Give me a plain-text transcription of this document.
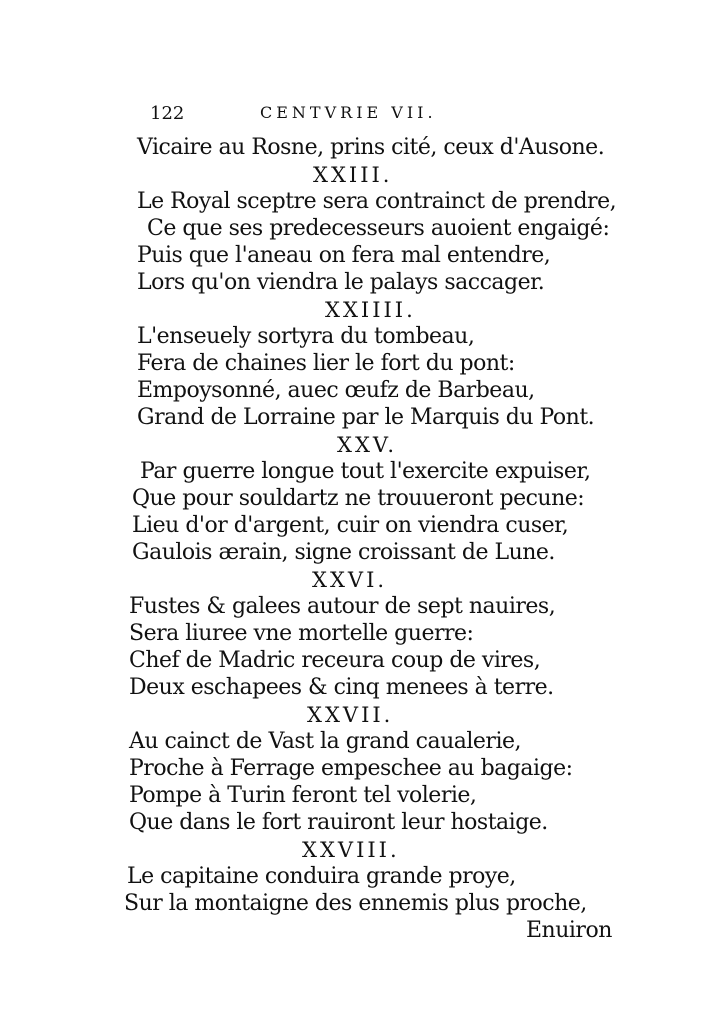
122	CENTVRIE VII.
Vicaire au Rosne, prins cité, ceux d'Ausone.
XXIII.
Le Royal sceptre sera contrainct de prendre,
Ce que ses predecesseurs auoient engaigé:
Puis que l'aneau on fera mal entendre,
Lors qu'on viendra le palays saccager.
XXIIII.
L'enseuely sortyra du tombeau,
Fera de chaines lier le fort du pont:
Empoysonné, auec œufz de Barbeau,
Grand de Lorraine par le Marquis du Pont.
XXV.
Par guerre longue tout l'exercite expuiser,
Que pour souldartz ne trouueront pecune:
Lieu d'or d'argent, cuir on viendra cuser,
Gaulois ærain, signe croissant de Lune.
XXVI.
Fustes & galees autour de sept nauires,
Sera liuree vne mortelle guerre:
Chef de Madric receura coup de vires,
Deux eschapees & cinq menees à terre.
XXVII.
Au cainct de Vast la grand caualerie,
Proche à Ferrage empeschee au bagaige:
Pompe à Turin feront tel volerie,
Que dans le fort rauiront leur hostaige.
XXVIII.
Le capitaine conduira grande proye,
Sur la montaigne des ennemis plus proche,
Enuiron
